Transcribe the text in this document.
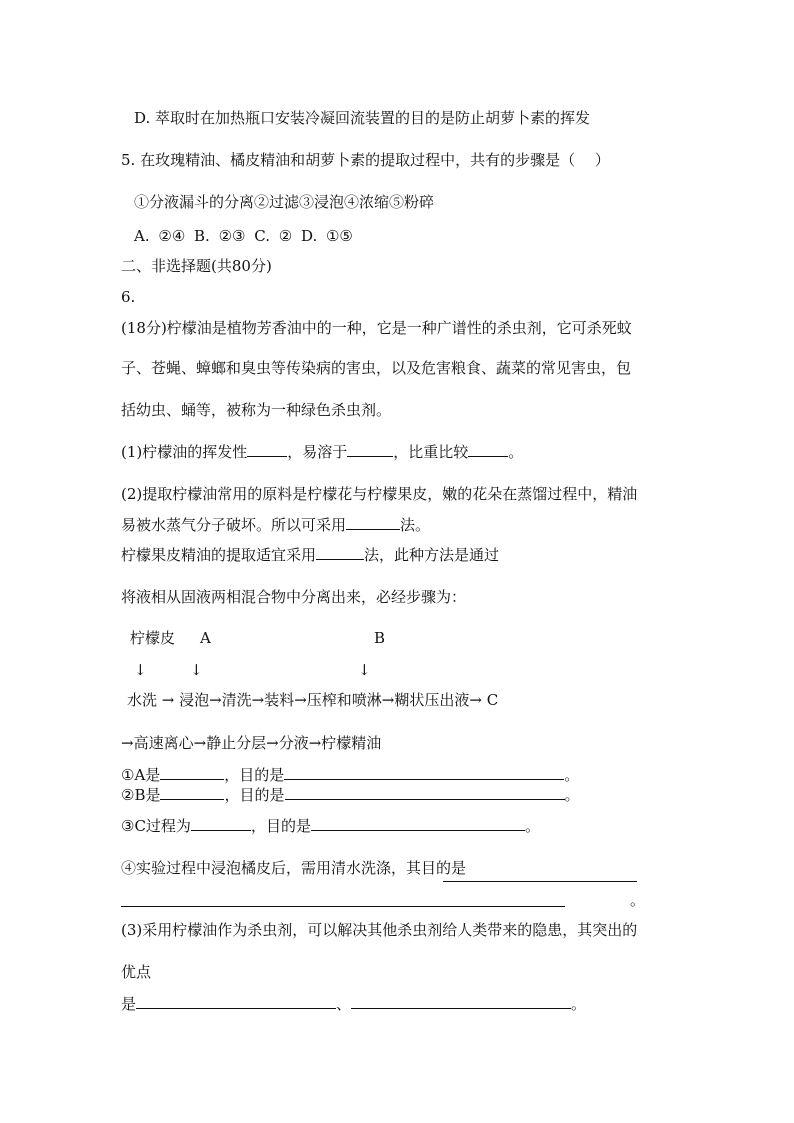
D. 萃取时在加热瓶口安装冷凝回流装置的目的是防止胡萝卜素的挥发
5. 在玫瑰精油、橘皮精油和胡萝卜素的提取过程中，共有的步骤是（　 ）
①分液漏斗的分离②过滤③浸泡④浓缩⑤粉碎
A. ②④ B. ②③ C. ② D. ①⑤
二、非选择题(共80分)
6.
(18分)柠檬油是植物芳香油中的一种，它是一种广谱性的杀虫剂，它可杀死蚊
子、苍蝇、蟑螂和臭虫等传染病的害虫，以及危害粮食、蔬菜的常见害虫，包
括幼虫、蛹等，被称为一种绿色杀虫剂。
(1)柠檬油的挥发性	，易溶于	，比重比较	。
(2)提取柠檬油常用的原料是柠檬花与柠檬果皮，嫩的花朵在蒸馏过程中，精油
易被水蒸气分子破坏。所以可采用	法。
柠檬果皮精油的提取适宜采用	法，此种方法是通过
将液相从固液两相混合物中分离出来，必经步骤为：
柠檬皮 A	B
↓	↓	↓
水洗 → 浸泡→清洗→装料→压榨和喷淋→糊状压出液→ C
→高速离心→静止分层→分液→柠檬精油
①A是	，目的是	。
②B是	，目的是	。
③C过程为	，目的是	。
④实验过程中浸泡橘皮后，需用清水洗涤，其目的是
。
(3)采用柠檬油作为杀虫剂，可以解决其他杀虫剂给人类带来的隐患，其突出的
优点
是	、	。
